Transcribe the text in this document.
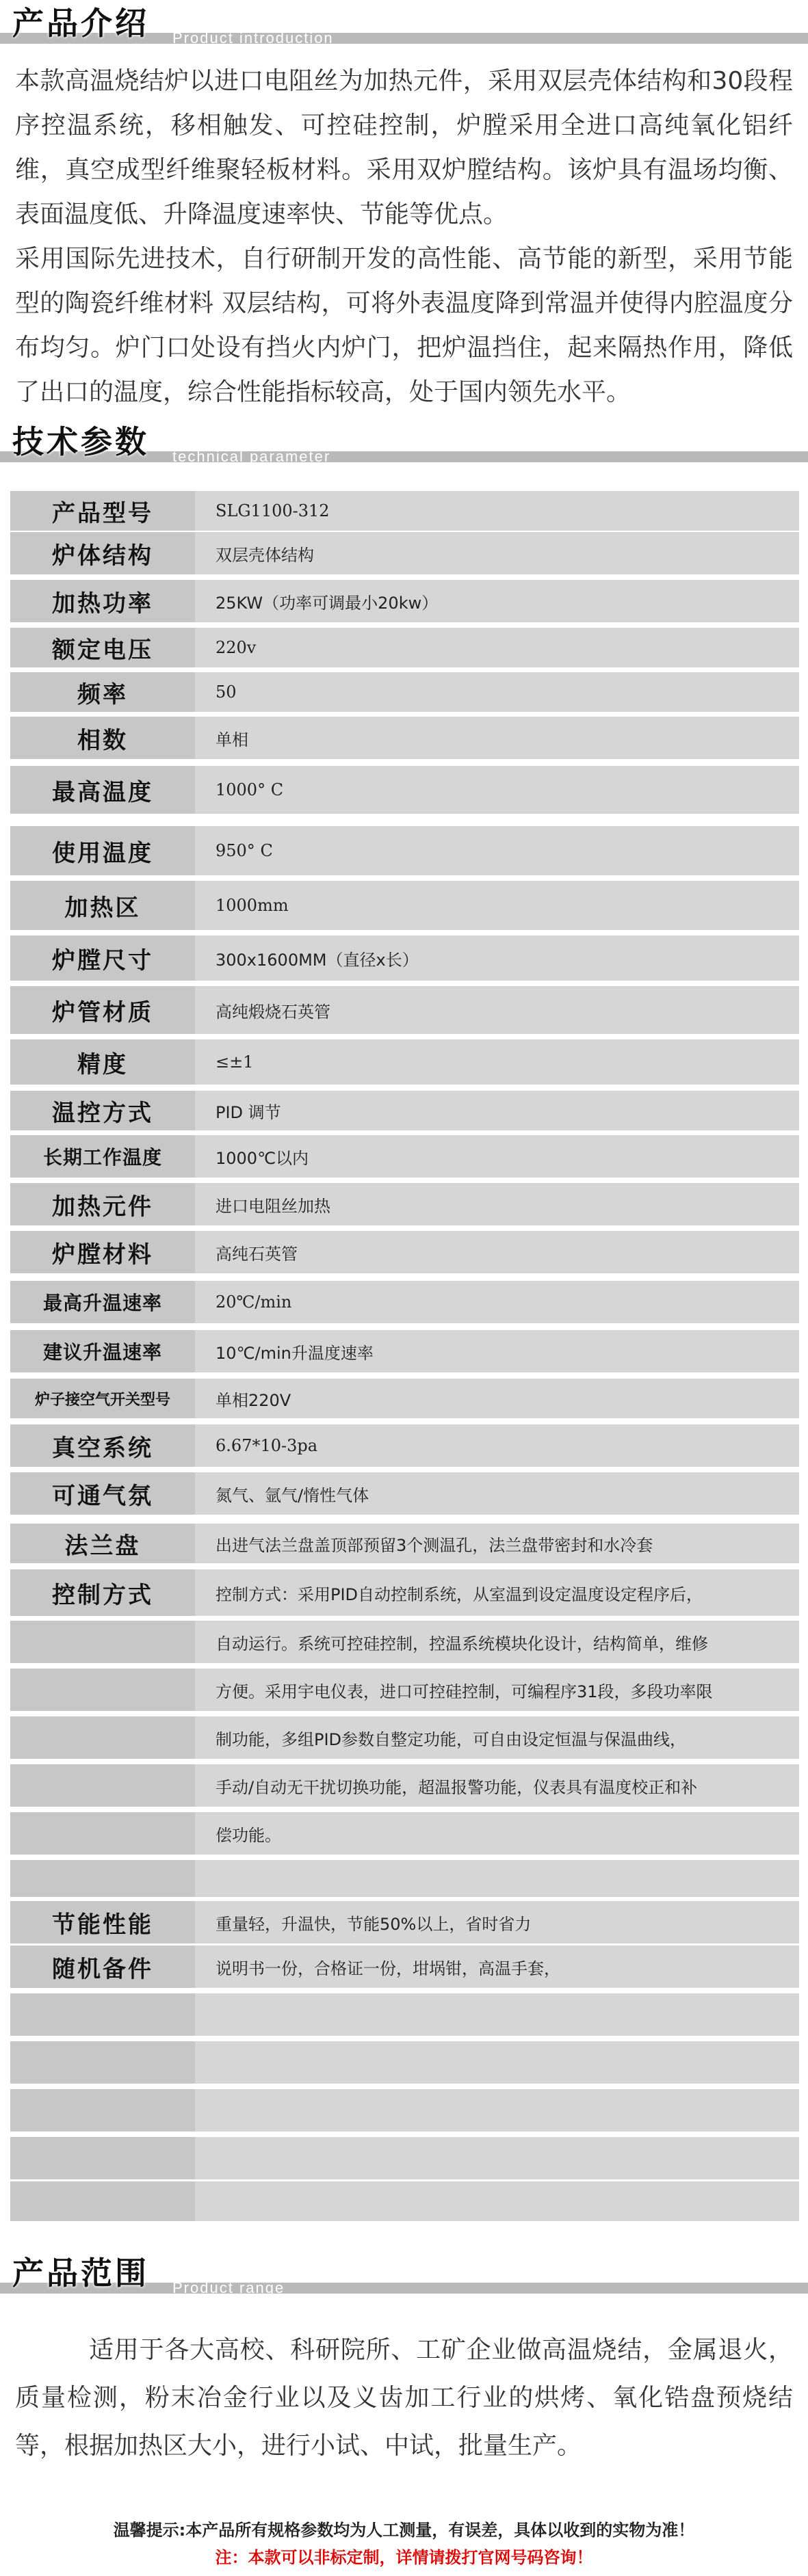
产品介绍 Product introduction

本款高温烧结炉以进口电阻丝为加热元件，采用双层壳体结构和30段程序控温系统，移相触发、可控硅控制，炉膛采用全进口高纯氧化铝纤维，真空成型纤维聚轻板材料。采用双炉膛结构。该炉具有温场均衡、表面温度低、升降温度速率快、节能等优点。

采用国际先进技术，自行研制开发的高性能、高节能的新型，采用节能型的陶瓷纤维材料 双层结构，可将外表温度降到常温并使得内腔温度分布均匀。炉门口处设有挡火内炉门，把炉温挡住，起来隔热作用，降低了出口的温度，综合性能指标较高，处于国内领先水平。

技术参数 technical parameter
产品型号	SLG1100-312
炉体结构	双层壳体结构
加热功率	25KW（功率可调最小20kw）
额定电压	220v
频率	50
相数	单相
最高温度	1000° C
使用温度	950° C
加热区	1000mm
炉膛尺寸	300x1600MM（直径x长）
炉管材质	高纯煅烧石英管
精度	≤±1
温控方式	PID 调节
长期工作温度	1000℃以内
加热元件	进口电阻丝加热
炉膛材料	高纯石英管
最高升温速率	20℃/min
建议升温速率	10℃/min升温度速率
炉子接空气开关型号	单相220V
真空系统	6.67*10-3pa
可通气氛	氮气、氩气/惰性气体
法兰盘	出进气法兰盘盖顶部预留3个测温孔，法兰盘带密封和水冷套
控制方式	控制方式：采用PID自动控制系统，从室温到设定温度设定程序后，
自动运行。系统可控硅控制，控温系统模块化设计，结构简单，维修
方便。采用宇电仪表，进口可控硅控制，可编程序31段，多段功率限
制功能，多组PID参数自整定功能，可自由设定恒温与保温曲线，
手动/自动无干扰切换功能，超温报警功能，仪表具有温度校正和补
偿功能。
节能性能	重量轻，升温快，节能50%以上，省时省力
随机备件	说明书一份，合格证一份，坩埚钳，高温手套，
产品范围 Product range

适用于各大高校、科研院所、工矿企业做高温烧结，金属退火，质量检测，粉末冶金行业以及义齿加工行业的烘烤、氧化锆盘预烧结等，根据加热区大小，进行小试、中试，批量生产。

温馨提示:本产品所有规格参数均为人工测量，有误差，具体以收到的实物为准！
注：本款可以非标定制，详情请拨打官网号码咨询！
